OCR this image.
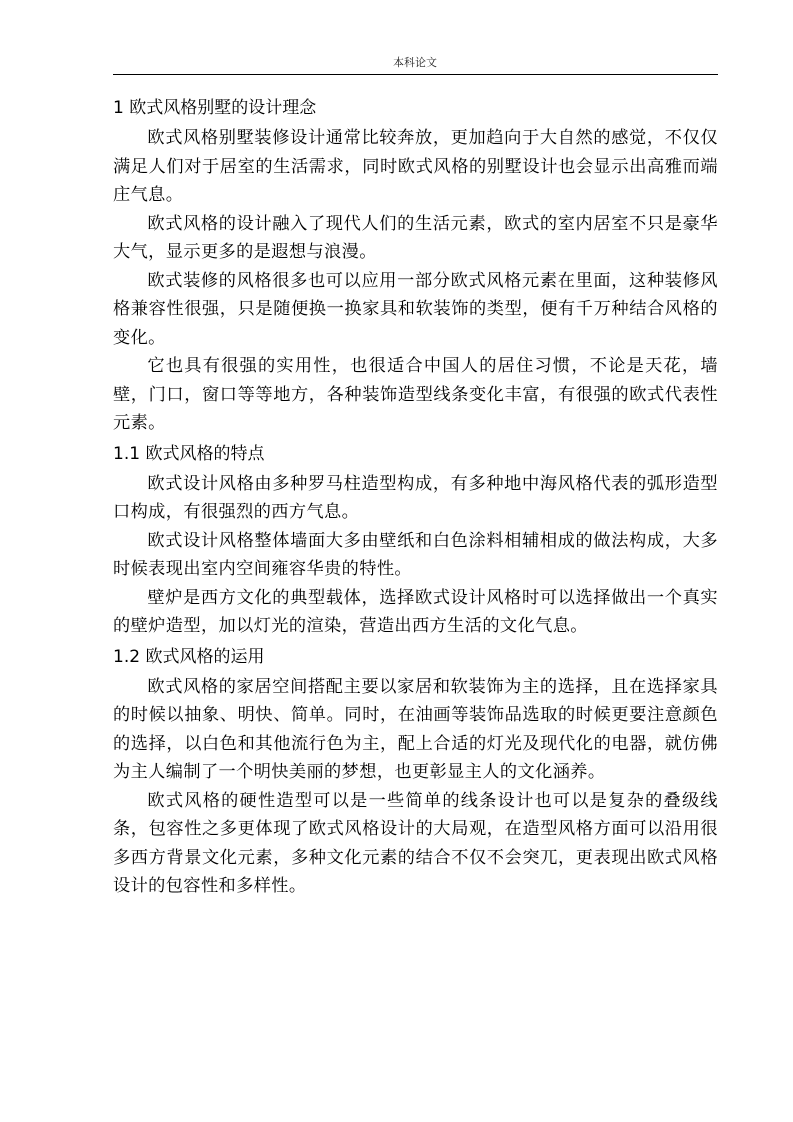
本科论文
1 欧式风格别墅的设计理念

欧式风格别墅装修设计通常比较奔放，更加趋向于大自然的感觉，不仅仅满足人们对于居室的生活需求，同时欧式风格的别墅设计也会显示出高雅而端庄气息。

欧式风格的设计融入了现代人们的生活元素，欧式的室内居室不只是豪华大气，显示更多的是遐想与浪漫。

欧式装修的风格很多也可以应用一部分欧式风格元素在里面，这种装修风格兼容性很强，只是随便换一换家具和软装饰的类型，便有千万种结合风格的变化。

它也具有很强的实用性，也很适合中国人的居住习惯，不论是天花，墙壁，门口，窗口等等地方，各种装饰造型线条变化丰富，有很强的欧式代表性元素。

1.1 欧式风格的特点

欧式设计风格由多种罗马柱造型构成，有多种地中海风格代表的弧形造型口构成，有很强烈的西方气息。

欧式设计风格整体墙面大多由壁纸和白色涂料相辅相成的做法构成，大多时候表现出室内空间雍容华贵的特性。

壁炉是西方文化的典型载体，选择欧式设计风格时可以选择做出一个真实的壁炉造型，加以灯光的渲染，营造出西方生活的文化气息。

1.2 欧式风格的运用

欧式风格的家居空间搭配主要以家居和软装饰为主的选择，且在选择家具的时候以抽象、明快、简单。同时，在油画等装饰品选取的时候更要注意颜色的选择，以白色和其他流行色为主，配上合适的灯光及现代化的电器，就仿佛为主人编制了一个明快美丽的梦想，也更彰显主人的文化涵养。

欧式风格的硬性造型可以是一些简单的线条设计也可以是复杂的叠级线条，包容性之多更体现了欧式风格设计的大局观，在造型风格方面可以沿用很多西方背景文化元素，多种文化元素的结合不仅不会突兀，更表现出欧式风格设计的包容性和多样性。
